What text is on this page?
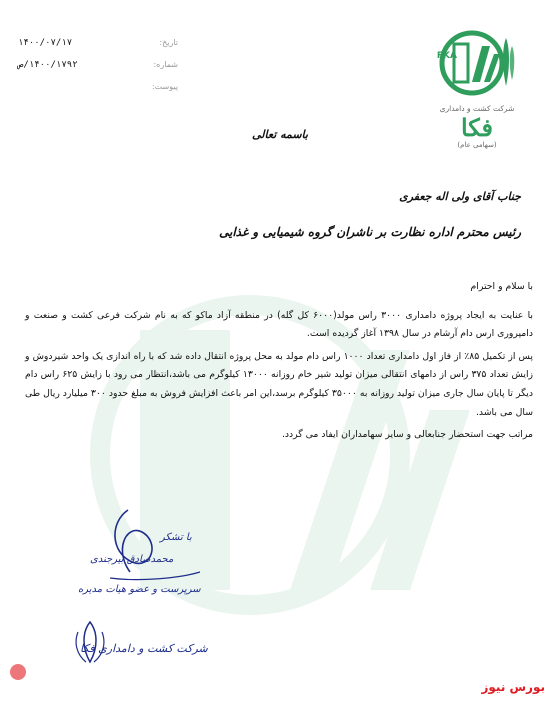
تاریخ:
۱۴۰۰/۰۷/۱۷
شماره:
۱۴۰۰/۱۷۹۲/ص
پیوست:
FKA
شرکت کشت و دامداری
فکا
(سهامی عام)
باسمه تعالی
جناب آقای ولی اله جعفری
رئیس محترم اداره نظارت بر ناشران گروه شیمیایی و غذایی
با سلام و احترام

با عنایت به ایجاد پروژه دامداری ۳۰۰۰ راس مولد(۶۰۰۰ کل گله) در منطقه آزاد ماکو که به نام شرکت فرعی کشت و صنعت و دامپروری ارس دام آرشام در سال ۱۳۹۸ آغاز گردیده است.

پس از تکمیل ۸۵٪ از فاز اول دامداری تعداد ۱۰۰۰ راس دام مولد به محل پروژه انتقال داده شد که با راه اندازی یک واحد شیردوش و زایش تعداد ۳۷۵ راس از دامهای انتقالی میزان تولید شیر خام روزانه ۱۳۰۰۰ کیلوگرم می باشد،انتظار می رود با زایش ۶۲۵ راس دام دیگر تا پایان سال جاری میزان تولید روزانه به ۳۵۰۰۰ کیلوگرم برسد،این امر باعث افزایش فروش به مبلغ حدود ۳۰۰ میلیارد ریال طی سال می باشد.

مراتب جهت استحضار جنابعالی و سایر سهامداران ایفاد می گردد.

با تشکر
محمدصادق بیرجندی
سرپرست و عضو هیات مدیره
شرکت کشت و دامداری فکا
بورس نیوز
